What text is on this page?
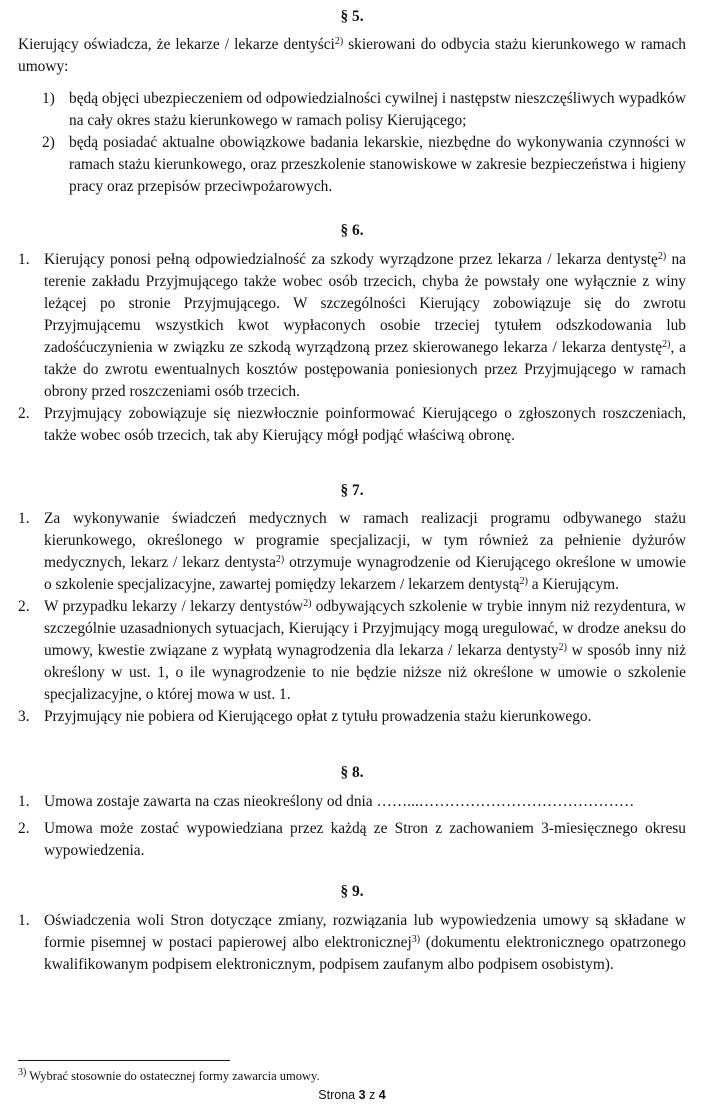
§ 5.
Kierujący oświadcza, że lekarze / lekarze dentyści$^{2)}$ skierowani do odbycia stażu kierunkowego w ramach umowy:
1) będą objęci ubezpieczeniem od odpowiedzialności cywilnej i następstw nieszczęśliwych wypadków na cały okres stażu kierunkowego w ramach polisy Kierującego;
2) będą posiadać aktualne obowiązkowe badania lekarskie, niezbędne do wykonywania czynności w ramach stażu kierunkowego, oraz przeszkolenie stanowiskowe w zakresie bezpieczeństwa i higieny pracy oraz przepisów przeciwpożarowych.
§ 6.
1. Kierujący ponosi pełną odpowiedzialność za szkody wyrządzone przez lekarza / lekarza dentystę$^{2)}$ na terenie zakładu Przyjmującego także wobec osób trzecich, chyba że powstały one wyłącznie z winy leżącej po stronie Przyjmującego. W szczególności Kierujący zobowiązuje się do zwrotu Przyjmującemu wszystkich kwot wypłaconych osobie trzeciej tytułem odszkodowania lub zadośćuczynienia w związku ze szkodą wyrządzoną przez skierowanego lekarza / lekarza dentystę$^{2)}$, a także do zwrotu ewentualnych kosztów postępowania poniesionych przez Przyjmującego w ramach obrony przed roszczeniami osób trzecich.
2. Przyjmujący zobowiązuje się niezwłocznie poinformować Kierującego o zgłoszonych roszczeniach, także wobec osób trzecich, tak aby Kierujący mógł podjąć właściwą obronę.
§ 7.
1. Za wykonywanie świadczeń medycznych w ramach realizacji programu odbywanego stażu kierunkowego, określonego w programie specjalizacji, w tym również za pełnienie dyżurów medycznych, lekarz / lekarz dentysta$^{2)}$ otrzymuje wynagrodzenie od Kierującego określone w umowie o szkolenie specjalizacyjne, zawartej pomiędzy lekarzem / lekarzem dentystą$^{2)}$ a Kierującym.
2. W przypadku lekarzy / lekarzy dentystów$^{2)}$ odbywających szkolenie w trybie innym niż rezydentura, w szczególnie uzasadnionych sytuacjach, Kierujący i Przyjmujący mogą uregulować, w drodze aneksu do umowy, kwestie związane z wypłatą wynagrodzenia dla lekarza / lekarza dentysty$^{2)}$ w sposób inny niż określony w ust. 1, o ile wynagrodzenie to nie będzie niższe niż określone w umowie o szkolenie specjalizacyjne, o której mowa w ust. 1.
3. Przyjmujący nie pobiera od Kierującego opłat z tytułu prowadzenia stażu kierunkowego.
§ 8.
1. Umowa zostaje zawarta na czas nieokreślony od dnia ……...……………………………………
2. Umowa może zostać wypowiedziana przez każdą ze Stron z zachowaniem 3-miesięcznego okresu wypowiedzenia.
§ 9.
1. Oświadczenia woli Stron dotyczące zmiany, rozwiązania lub wypowiedzenia umowy są składane w formie pisemnej w postaci papierowej albo elektronicznej$^{3)}$ (dokumentu elektronicznego opatrzonego kwalifikowanym podpisem elektronicznym, podpisem zaufanym albo podpisem osobistym).
$^{3)}$ Wybrać stosownie do ostatecznej formy zawarcia umowy.
Strona 3 z 4
